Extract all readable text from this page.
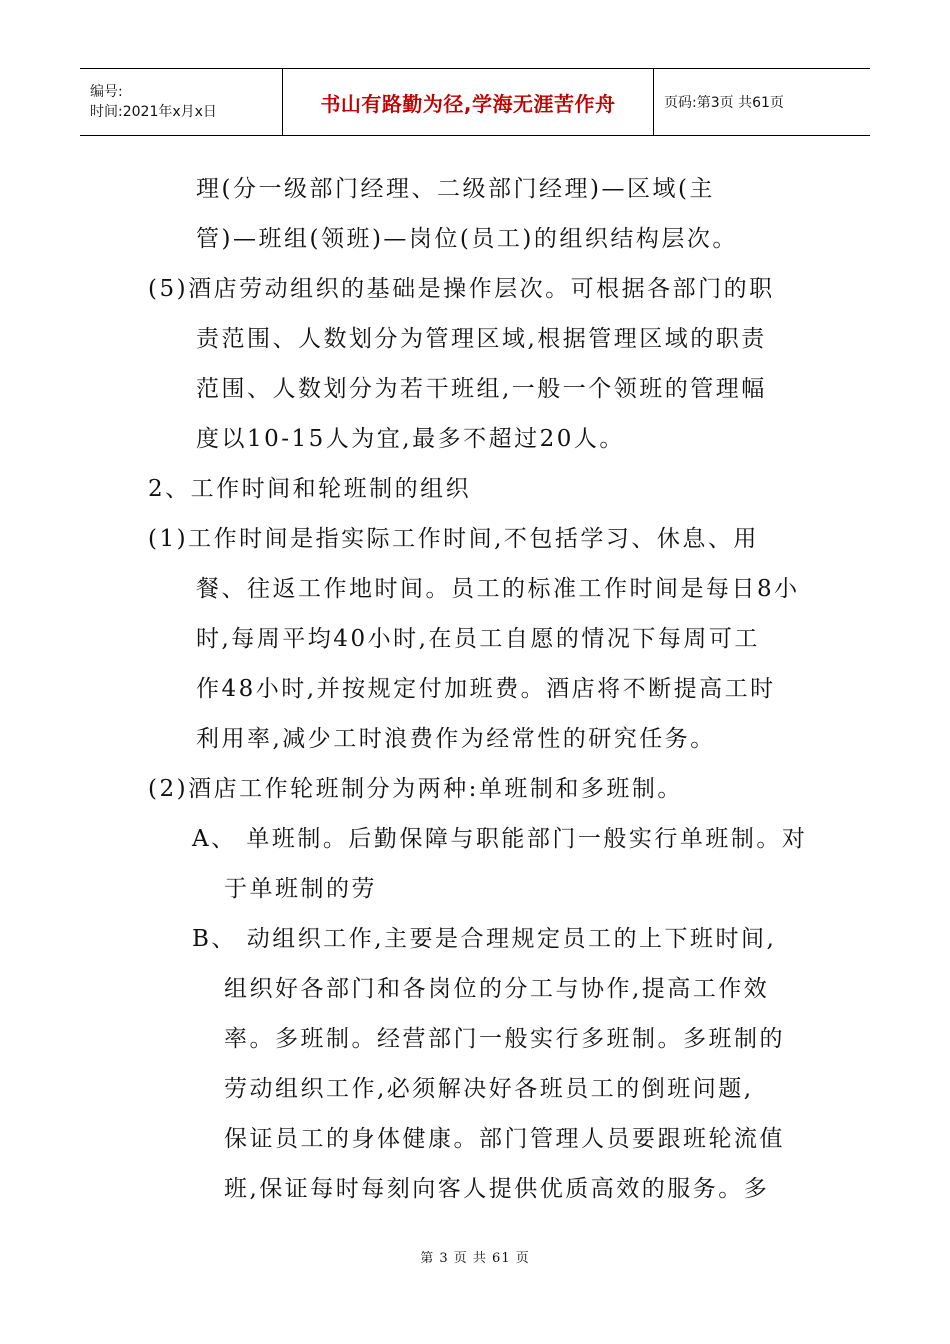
编号:
时间:2021年x月x日	书山有路勤为径,学海无涯苦作舟	页码:第3页 共61页
理(分一级部门经理、二级部门经理)—区域(主
管)—班组(领班)—岗位(员工)的组织结构层次。
(5)酒店劳动组织的基础是操作层次。可根据各部门的职
责范围、人数划分为管理区域,根据管理区域的职责
范围、人数划分为若干班组,一般一个领班的管理幅
度以10-15人为宜,最多不超过20人。
2、工作时间和轮班制的组织
(1)工作时间是指实际工作时间,不包括学习、休息、用
餐、往返工作地时间。员工的标准工作时间是每日8小
时,每周平均40小时,在员工自愿的情况下每周可工
作48小时,并按规定付加班费。酒店将不断提高工时
利用率,减少工时浪费作为经常性的研究任务。
(2)酒店工作轮班制分为两种:单班制和多班制。
A、 单班制。后勤保障与职能部门一般实行单班制。对
于单班制的劳
B、 动组织工作,主要是合理规定员工的上下班时间,
组织好各部门和各岗位的分工与协作,提高工作效
率。多班制。经营部门一般实行多班制。多班制的
劳动组织工作,必须解决好各班员工的倒班问题,
保证员工的身体健康。部门管理人员要跟班轮流值
班,保证每时每刻向客人提供优质高效的服务。多
第 3 页 共 61 页
